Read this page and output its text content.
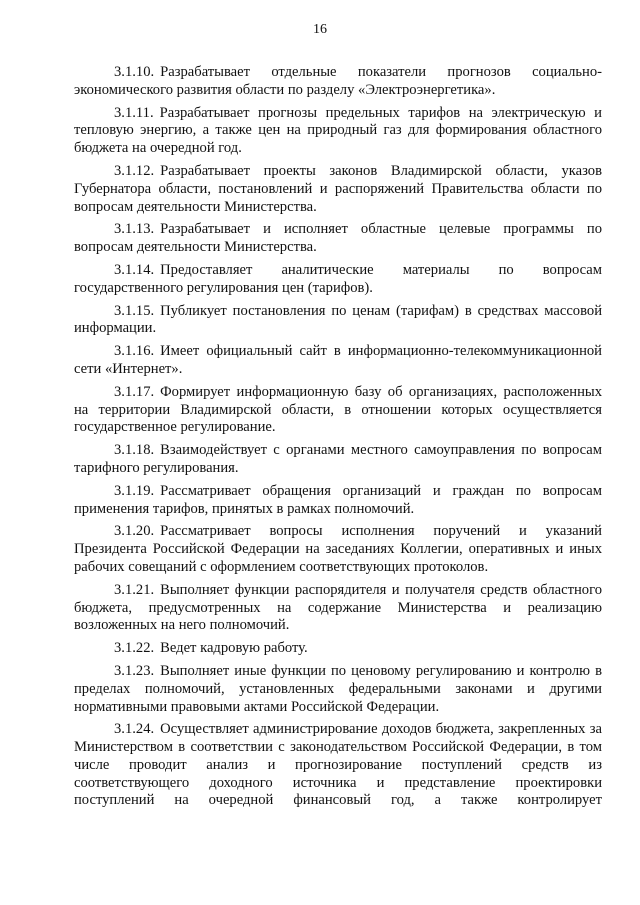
16

3.1.10. Разрабатывает отдельные показатели прогнозов социально-экономического развития области по разделу «Электроэнергетика».

3.1.11. Разрабатывает прогнозы предельных тарифов на электрическую и тепловую энергию, а также цен на природный газ для формирования областного бюджета на очередной год.

3.1.12. Разрабатывает проекты законов Владимирской области, указов Губернатора области, постановлений и распоряжений Правительства области по вопросам деятельности Министерства.

3.1.13. Разрабатывает и исполняет областные целевые программы по вопросам деятельности Министерства.

3.1.14. Предоставляет аналитические материалы по вопросам государственного регулирования цен (тарифов).

3.1.15. Публикует постановления по ценам (тарифам) в средствах массовой информации.

3.1.16. Имеет официальный сайт в информационно-телекоммуникационной сети «Интернет».

3.1.17. Формирует информационную базу об организациях, расположенных на территории Владимирской области, в отношении которых осуществляется государственное регулирование.

3.1.18. Взаимодействует с органами местного самоуправления по вопросам тарифного регулирования.

3.1.19. Рассматривает обращения организаций и граждан по вопросам применения тарифов, принятых в рамках полномочий.

3.1.20. Рассматривает вопросы исполнения поручений и указаний Президента Российской Федерации на заседаниях Коллегии, оперативных и иных рабочих совещаний с оформлением соответствующих протоколов.

3.1.21. Выполняет функции распорядителя и получателя средств областного бюджета, предусмотренных на содержание Министерства и реализацию возложенных на него полномочий.

3.1.22. Ведет кадровую работу.

3.1.23. Выполняет иные функции по ценовому регулированию и контролю в пределах полномочий, установленных федеральными законами и другими нормативными правовыми актами Российской Федерации.

3.1.24. Осуществляет администрирование доходов бюджета, закрепленных за Министерством в соответствии с законодательством Российской Федерации, в том числе проводит анализ и прогнозирование поступлений средств из соответствующего доходного источника и представление проектировки поступлений на очередной финансовый год, а также контролирует
